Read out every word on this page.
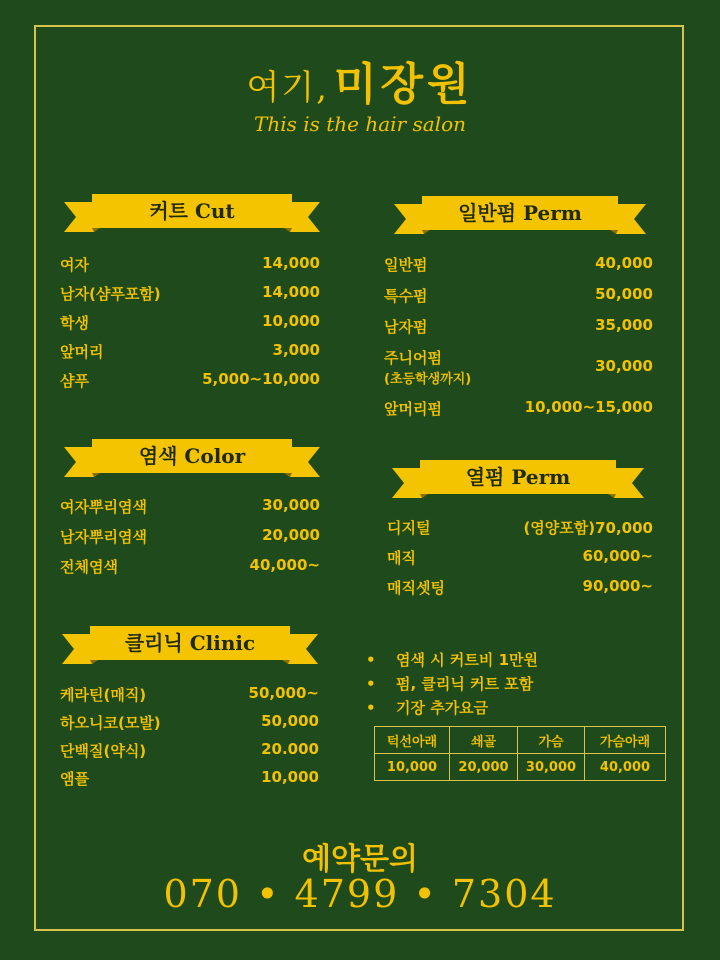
여기, 미장원
This is the hair salon
커트 Cut	일반펌 Perm
염색 Color
열펌 Perm
클리닉 Clinic
여자	14,000
남자(샴푸포함)	14,000
학생	10,000
앞머리	3,000
샴푸	5,000~10,000
일반펌	40,000
특수펌	50,000
남자펌	35,000
주니어펌
(초등학생까지)
30,000
앞머리펌	10,000~15,000
여자뿌리염색	30,000
남자뿌리염색	20,000
전체염색	40,000~
디지털	(영양포함)70,000
매직	60,000~
매직셋팅	90,000~
케라틴(매직)	50,000~
하오니코(모발)	50,000
단백질(약식)	20.000
앰플	10,000
• 염색 시 커트비 1만원
• 펌, 클리닉 커트 포함
• 기장 추가요금
턱선아래	쇄골	가슴	가슴아래
10,000	20,000	30,000	40,000
예약문의
070 • 4799 • 7304
